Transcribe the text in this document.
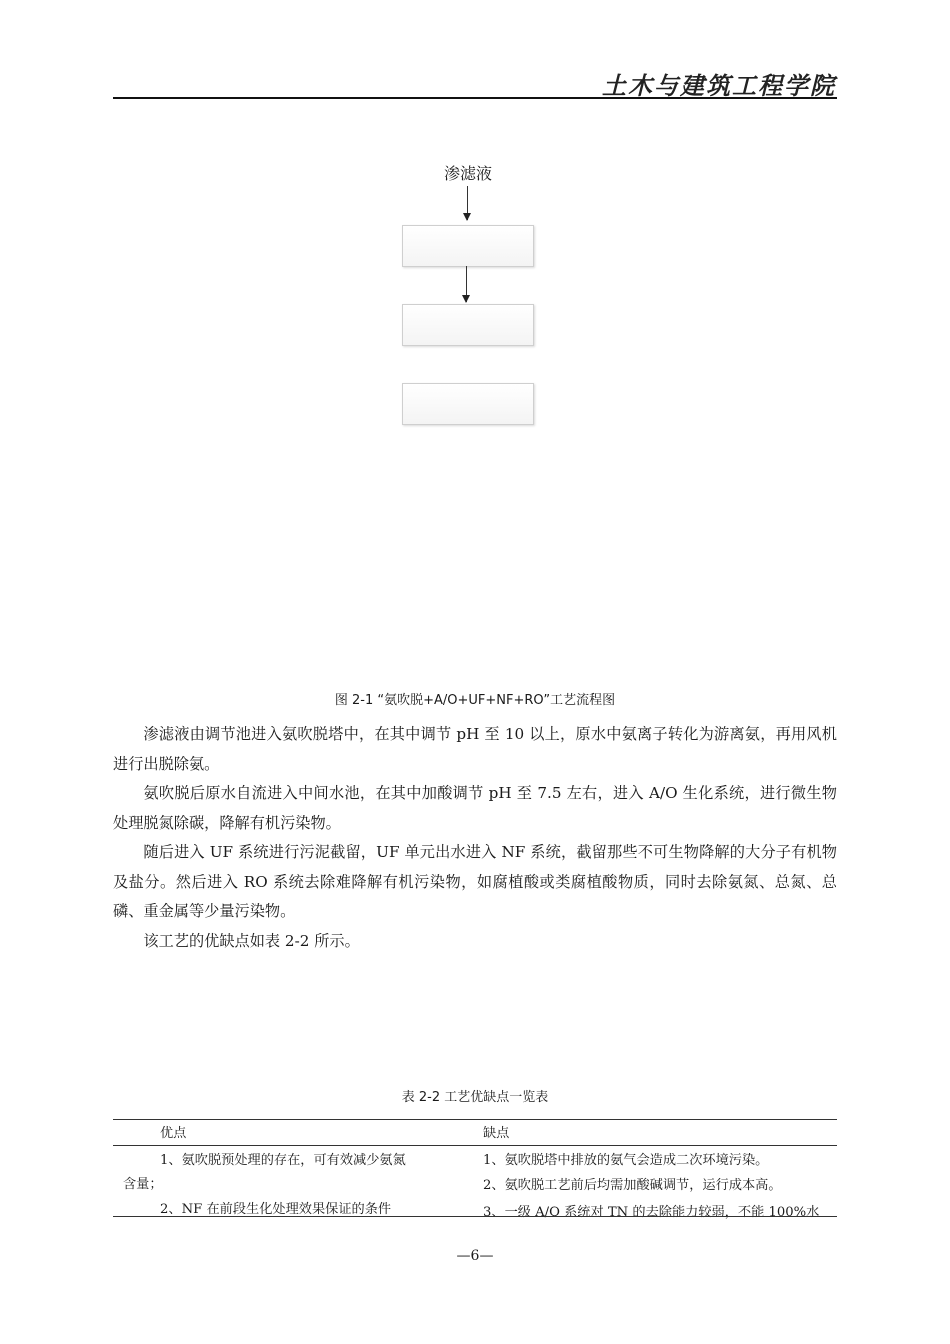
土木与建筑工程学院
渗滤液
图 2-1 “氨吹脱+A/O+UF+NF+RO”工艺流程图

渗滤液由调节池进入氨吹脱塔中，在其中调节 pH 至 10 以上，原水中氨离子转化为游离氨，再用风机进行出脱除氨。

氨吹脱后原水自流进入中间水池，在其中加酸调节 pH 至 7.5 左右，进入 A/O 生化系统，进行微生物处理脱氮除碳，降解有机污染物。

随后进入 UF 系统进行污泥截留，UF 单元出水进入 NF 系统，截留那些不可生物降解的大分子有机物及盐分。然后进入 RO 系统去除难降解有机污染物，如腐植酸或类腐植酸物质，同时去除氨氮、总氮、总磷、重金属等少量污染物。

该工艺的优缺点如表 2-2 所示。

表 2-2 工艺优缺点一览表
优点	缺点
1、氨吹脱预处理的存在，可有效减少氨氮
含量；
2、NF 在前段生化处理效果保证的条件
1、氨吹脱塔中排放的氨气会造成二次环境污染。
2、氨吹脱工艺前后均需加酸碱调节，运行成本高。
3、一级 A/O 系统对 TN 的去除能力较弱，不能 100%水
—6—
